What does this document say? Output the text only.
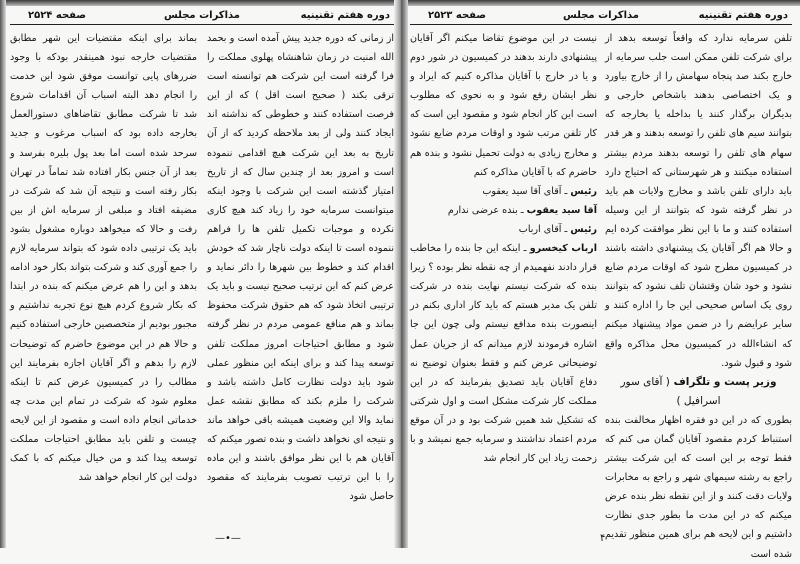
دوره هفتم تقنینیه
مذاکرات مجلس
صفحه ۲۵۲۴

از زمانی که دوره جدید پیش آمده است و بحمد الله امنیت در زمان شاهنشاه پهلوی مملکت را فرا گرفته است این شرکت هم توانسته است ترقی بکند ( صحیح است اقل ) که از این فرصت استفاده کنند و خطوطی که نداشته اند ایجاد کنند ولی از بعد ملاحظه کردید که از آن تاریخ به بعد این شرکت هیچ اقدامی ننموده است و امروز بعد از چندین سال که از تاریخ امتیاز گذشته است این شرکت با وجود اینکه میتوانست سرمایه خود را زیاد کند هیچ کاری نکرده و موجبات تکمیل تلفن ها را فراهم ننموده است تا اینکه دولت ناچار شد که خودش اقدام کند و خطوط بین شهرها را دائر نماید و عرض کنم که این ترتیب صحیح نیست و باید یک ترتیبی اتخاذ شود که هم حقوق شرکت محفوظ بماند و هم منافع عمومی مردم در نظر گرفته شود و مطابق احتیاجات امروز مملکت تلفن توسعه پیدا کند و برای اینکه این منظور عملی شود باید دولت نظارت کامل داشته باشد و شرکت را ملزم بکند که مطابق نقشه عمل نماید والا این وضعیت همیشه باقی خواهد ماند و نتیجه ای نخواهد داشت و بنده تصور میکنم که آقایان هم با این نظر موافق باشند و این ماده را با این ترتیب تصویب بفرمایند که مقصود حاصل شود

بماند برای اینکه مقتضیات این شهر مطابق مقتضیات خارجه نبود همینقدر بودکه با وجود ضررهای پایی توانست موفق شود این خدمت را انجام دهد البته اسباب آن اقدامات شروع شد تا شرکت مطابق تقاضاهای دستورالعمل بخارجه داده بود که اسباب مرغوب و جدید سرحد شده است اما بعد پول بلیره بفرسد و بعد از آن جنس بکار افتاده شد تماماً در تهران بکار رفته است و نتیجه آن شد که شرکت در مضیقه افتاد و مبلغی از سرمایه اش از بین رفت و حالا که میخواهد دوباره مشغول بشود باید یک ترتیبی داده شود که بتواند سرمایه لازم را جمع آوری کند و شرکت بتواند بکار خود ادامه بدهد و این را هم عرض میکنم که بنده در ابتدا که بکار شروع کردم هیچ نوع تجربه نداشتیم و مجبور بودیم از متخصصین خارجی استفاده کنیم و حالا هم در این موضوع حاضرم که توضیحات لازم را بدهم و اگر آقایان اجازه بفرمایند این مطالب را در کمیسیون عرض کنم تا اینکه معلوم شود که شرکت در تمام این مدت چه خدماتی انجام داده است و مقصود از این لایحه چیست و تلفن باید مطابق احتیاجات مملکت توسعه پیدا کند و من خیال میکنم که با کمک دولت این کار انجام خواهد شد

—•—
دوره هفتم تقنینیه
مذاکرات مجلس
صفحه ۲۵۲۳

تلفن سرمایه ندارد که واقعاً توسعه بدهد از برای شرکت تلفن ممکن است جلب سرمایه از خارج بکند صد پنجاه سهامش را از خارج بیاورد و یک اختصاصی بدهند باشخاص خارجی و بدیگران برگذار کنند یا بداخله یا بخارجه که بتوانند سیم های تلفن را توسعه بدهند و هر قدر سهام های تلفن را توسعه بدهند مردم بیشتر استفاده میکنند و هر شهرستانی که احتیاج دارد باید دارای تلفن باشد و مخارج ولایات هم باید در نظر گرفته شود که بتوانند از این وسیله استفاده کنند و ما با این نظر موافقت کرده ایم و حالا هم اگر آقایان یک پیشنهادی داشته باشند در کمیسیون مطرح شود که اوقات مردم ضایع نشود و خود شان وقتشان تلف نشود که بتوانند روی یک اساس صحیحی این جا را اداره کنند و سایر عرایضم را در ضمن مواد پیشنهاد میکنم که انشاءالله در کمیسیون محل مذاکره واقع شود و قبول شود.

وزیر پست و تلگراف ( آقای سور اسرافیل )

بطوری که در این دو فقره اظهار مخالفت بنده استنباط کردم مقصود آقایان گمان می کنم که فقط توجه بر این است که این شرکت بیشتر راجع به رشته سیمهای شهر و راجع به مخابرات ولایات دقت کنند و از این نقطه نظر بنده عرض میکنم که در این مدت ما بطور جدی نظارت داشتیم و این لایحه هم برای همین منظور تقدیم شده است

نیست در این موضوع تقاضا میکنم اگر آقایان پیشنهادی دارند بدهند در کمیسیون در شور دوم و یا در خارج با آقایان مذاکره کنیم که ایراد و نظر ایشان رفع شود و به نحوی که مطلوب است این کار انجام شود و مقصود این است که کار تلفن مرتب شود و اوقات مردم ضایع نشود و مخارج زیادی به دولت تحمیل نشود و بنده هم حاضرم که با آقایان مذاکره کنم

رئیس ـ آقای آقا سید یعقوب

آقا سید یعقوب ـ بنده عرضی ندارم

رئیس ـ آقای ارباب

ارباب کیخسرو ـ اینکه این جا بنده را مخاطب قرار دادند نفهمیدم از چه نقطه نظر بوده ؟ زیرا بنده که شرکت نیستم نهایت بنده در شرکت تلفن یک مدیر هستم که باید کار اداری بکنم در اینصورت بنده مدافع نیستم ولی چون این جا اشاره فرمودند لازم میدانم که از جریان عمل توضیحاتی عرض کنم و فقط بعنوان توضیح نه دفاع آقایان باید تصدیق بفرمایند که در این مملکت کار شرکت مشکل است و اول شرکتی که تشکیل شد همین شرکت بود و در آن موقع مردم اعتماد نداشتند و سرمایه جمع نمیشد و با زحمت زیاد این کار انجام شد

۴
